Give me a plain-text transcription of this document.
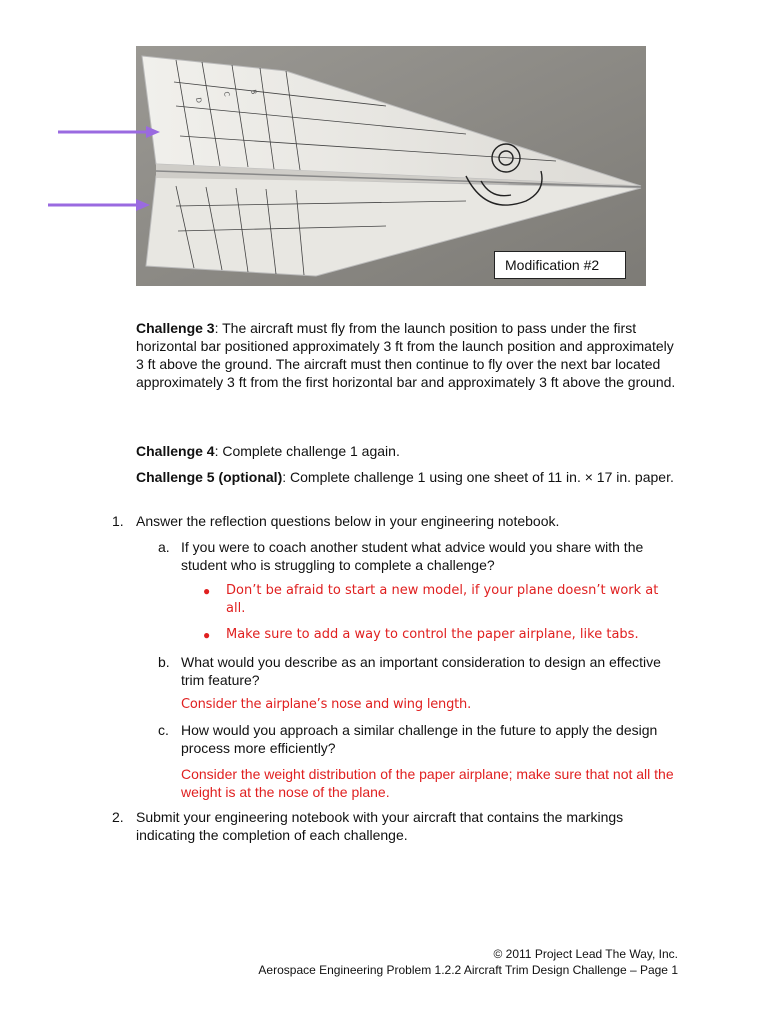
D
C	B
Modification #2

Challenge 3: The aircraft must fly from the launch position to pass under the first horizontal bar positioned approximately 3 ft from the launch position and approximately 3 ft above the ground. The aircraft must then continue to fly over the next bar located approximately 3 ft from the first horizontal bar and approximately 3 ft above the ground.

Challenge 4: Complete challenge 1 again.

Challenge 5 (optional): Complete challenge 1 using one sheet of 11 in. × 17 in. paper.

1. Answer the reflection questions below in your engineering notebook.
a. If you were to coach another student what advice would you share with the student who is struggling to complete a challenge?
● Don’t be afraid to start a new model, if your plane doesn’t work at all.
● Make sure to add a way to control the paper airplane, like tabs.
b. What would you describe as an important consideration to design an effective trim feature?
Consider the airplane’s nose and wing length.
c. How would you approach a similar challenge in the future to apply the design process more efficiently?
Consider the weight distribution of the paper airplane; make sure that not all the weight is at the nose of the plane.
2. Submit your engineering notebook with your aircraft that contains the markings indicating the completion of each challenge.
© 2011 Project Lead The Way, Inc.
Aerospace Engineering Problem 1.2.2 Aircraft Trim Design Challenge – Page 1
